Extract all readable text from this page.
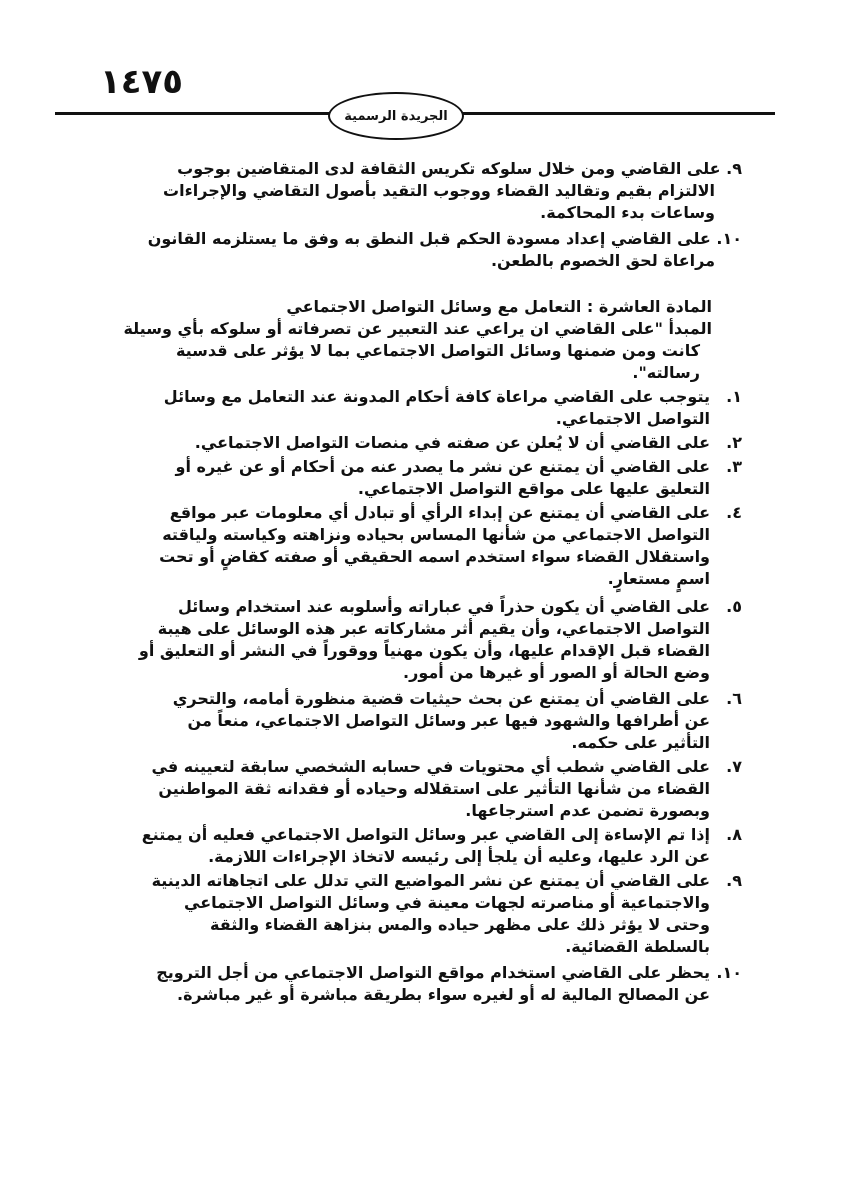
١٤٧٥
الجريدة الرسمية
٩. على القاضي ومن خلال سلوكه تكريس الثقافة لدى المتقاضين بوجوب
الالتزام بقيم وتقاليد القضاء ووجوب التقيد بأصول التقاضي والإجراءات
وساعات بدء المحاكمة.
١٠. على القاضي إعداد مسودة الحكم قبل النطق به وفق ما يستلزمه القانون
مراعاة لحق الخصوم بالطعن.
المادة العاشرة : التعامل مع وسائل التواصل الاجتماعي
المبدأ "على القاضي ان يراعي عند التعبير عن تصرفاته أو سلوكه بأي وسيلة
كانت ومن ضمنها وسائل التواصل الاجتماعي بما لا يؤثر على قدسية
رسالته".
١.
يتوجب على القاضي مراعاة كافة أحكام المدونة عند التعامل مع وسائل
التواصل الاجتماعي.
٢.
على القاضي أن لا يُعلن عن صفته في منصات التواصل الاجتماعي.
٣.
على القاضي أن يمتنع عن نشر ما يصدر عنه من أحكام أو عن غيره أو
التعليق عليها على مواقع التواصل الاجتماعي.
٤.
على القاضي أن يمتنع عن إبداء الرأي أو تبادل أي معلومات عبر مواقع
التواصل الاجتماعي من شأنها المساس بحياده ونزاهته وكياسته ولياقته
واستقلال القضاء سواء استخدم اسمه الحقيقي أو صفته كقاضٍ أو تحت
اسمٍ مستعارٍ.
٥.
على القاضي أن يكون حذراً في عباراته وأسلوبه عند استخدام وسائل
التواصل الاجتماعي، وأن يقيم أثر مشاركاته عبر هذه الوسائل على هيبة
القضاء قبل الإقدام عليها، وأن يكون مهنياً ووقوراً في النشر أو التعليق أو
وضع الحالة أو الصور أو غيرها من أمور.
٦.
على القاضي أن يمتنع عن بحث حيثيات قضية منظورة أمامه، والتحري
عن أطرافها والشهود فيها عبر وسائل التواصل الاجتماعي، منعاً من
التأثير على حكمه.
٧.
على القاضي شطب أي محتويات في حسابه الشخصي سابقة لتعيينه في
القضاء من شأنها التأثير على استقلاله وحياده أو فقدانه ثقة المواطنين
وبصورة تضمن عدم استرجاعها.
٨.
إذا تم الإساءة إلى القاضي عبر وسائل التواصل الاجتماعي فعليه أن يمتنع
عن الرد عليها، وعليه أن يلجأ إلى رئيسه لاتخاذ الإجراءات اللازمة.
٩.
على القاضي أن يمتنع عن نشر المواضيع التي تدلل على اتجاهاته الدينية
والاجتماعية أو مناصرته لجهات معينة في وسائل التواصل الاجتماعي
وحتى لا يؤثر ذلك على مظهر حياده والمس بنزاهة القضاء والثقة
بالسلطة القضائية.
١٠.
يحظر على القاضي استخدام مواقع التواصل الاجتماعي من أجل الترويج
عن المصالح المالية له أو لغيره سواء بطريقة مباشرة أو غير مباشرة.
